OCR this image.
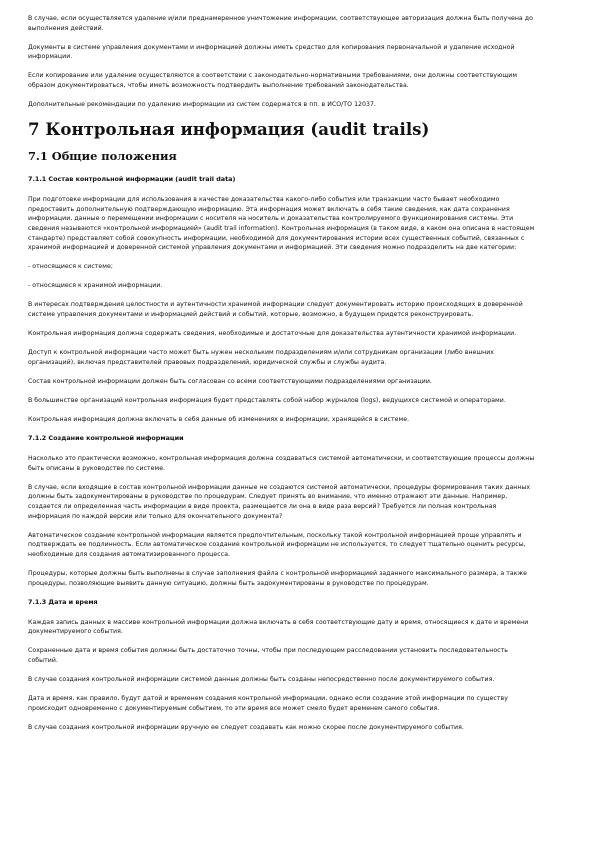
В случае, если осуществляется удаление и/или преднамеренное уничтожение информации, соответствующее авторизация должна быть получена до выполнения действий.

Документы в системе управления документами и информацией должны иметь средство для копирования первоначальной и удаление исходной информации.

Если копирование или удаление осуществляются в соответствии с законодательно-нормативными требованиями, они должны соответствующим образом документироваться, чтобы иметь возможность подтвердить выполнение требований законодательства.

Дополнительные рекомендации по удалению информации из систем содержатся в пп. в ИСО/ТО 12037.

7 Контрольная информация (audit trails)
7.1 Общие положения
7.1.1 Состав контрольной информации (audit trail data)

При подготовке информации для использования в качестве доказательства какого-либо события или транзакции часто бывает необходимо предоставить дополнительную подтверждающую информацию. Эта информация может включать в себя такие сведения, как дата сохранения информации, данные о перемещении информации с носителя на носитель и доказательства контролируемого функционирования системы. Эти сведения называются «контрольной информацией» (audit trail information). Контрольная информация (в таком виде, в каком она описана в настоящем стандарте) представляет собой совокупность информации, необходимой для документирования истории всех существенных событий, связанных с хранимой информацией и доверенной системой управления документами и информацией. Эти сведения можно подразделить на две категории:

- относящиеся к системе;

- относящиеся к хранимой информации.

В интересах подтверждения целостности и аутентичности хранимой информации следует документировать историю происходящих в доверенной системе управления документами и информацией действий и событий, которые, возможно, в будущем придется реконструировать.

Контрольная информация должна содержать сведения, необходимые и достаточные для доказательства аутентичности хранимой информации.

Доступ к контрольной информации часто может быть нужен нескольким подразделениям и/или сотрудникам организации (либо внешних организаций), включая представителей правовых подразделений, юридической службы и службы аудита.

Состав контрольной информации должен быть согласован со всеми соответствующими подразделениями организации.

В большинстве организаций контрольная информация будет представлять собой набор журналов (logs), ведущихся системой и операторами.

Контрольная информация должна включать в себя данные об изменениях в информации, хранящейся в системе.

7.1.2 Создание контрольной информации

Насколько это практически возможно, контрольная информация должна создаваться системой автоматически, и соответствующие процессы должны быть описаны в руководстве по системе.

В случае, если входящие в состав контрольной информации данные не создаются системой автоматически, процедуры формирования таких данных должны быть задокументированы в руководстве по процедурам. Следует принять во внимание, что именно отражают эти данные. Например, создается ли определенная часть информации в виде проекта, размещается ли она в виде раза версий? Требуется ли полная контрольная информация по каждой версии или только для окончательного документа?

Автоматическое создание контрольной информации является предпочтительным, поскольку такой контрольной информацией проще управлять и подтверждать ее подлинность. Если автоматическое создание контрольной информации не используется, то следует тщательно оценить ресурсы, необходимые для создания автоматизированного процесса.

Процедуры, которые должны быть выполнены в случае заполнения файла с контрольной информацией заданного максимального размера, а также процедуры, позволяющие выявить данную ситуацию, должны быть задокументированы в руководстве по процедурам.

7.1.3 Дата и время

Каждая запись данных в массиве контрольной информации должна включать в себя соответствующие дату и время, относящиеся к дате и времени документируемого события.

Сохраненные дата и время события должны быть достаточно точны, чтобы при последующем расследовании установить последовательность событий.

В случае создания контрольной информации системой данные должны быть созданы непосредственно после документируемого события.

Дата и время, как правило, будут датой и временем создания контрольной информации, однако если создание этой информации по существу происходит одновременно с документируемым событием, то эти время все может смело будет временем самого события.

В случае создания контрольной информации вручную ее следует создавать как можно скорее после документируемого события.
